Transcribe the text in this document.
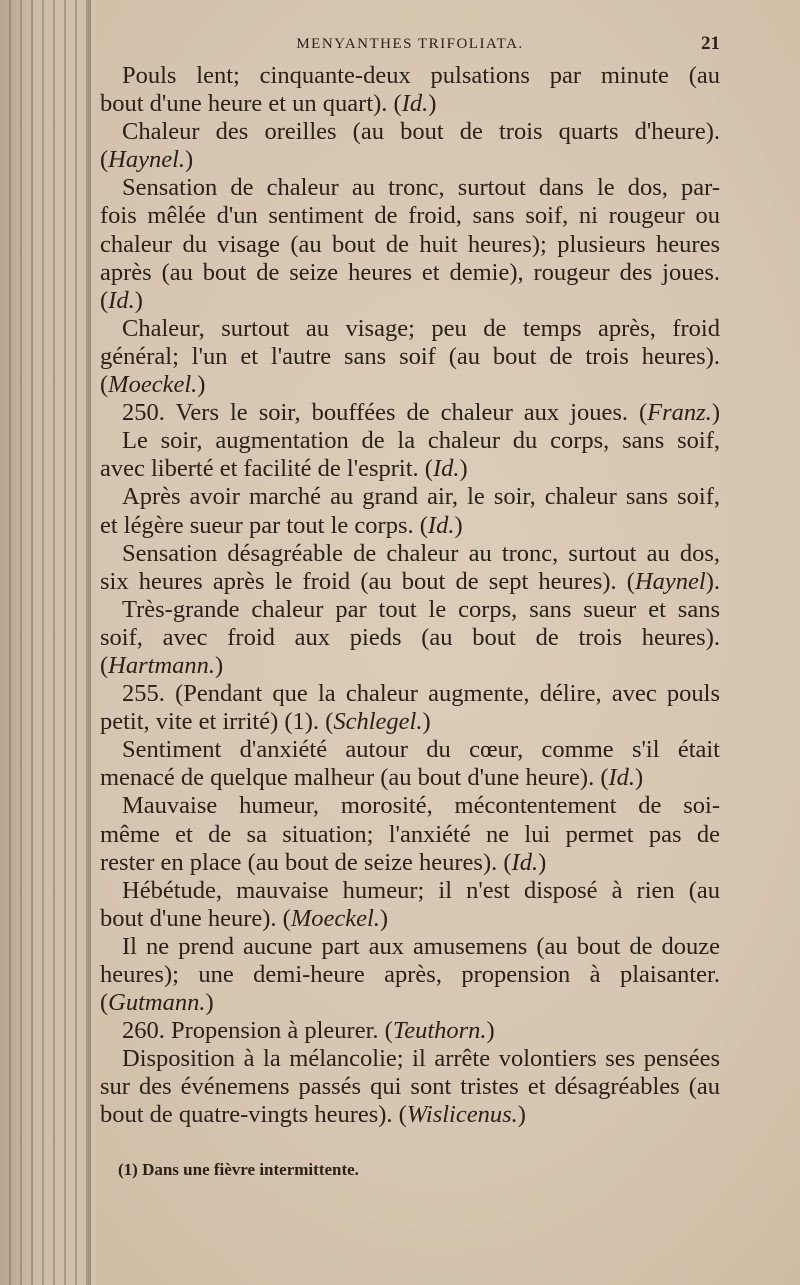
MENYANTHES TRIFOLIATA.	21
Pouls lent; cinquante-deux pulsations par minute (au
bout d'une heure et un quart). (Id.)
Chaleur des oreilles (au bout de trois quarts d'heure).
(Haynel.)
Sensation de chaleur au tronc, surtout dans le dos, par-
fois mêlée d'un sentiment de froid, sans soif, ni rougeur ou
chaleur du visage (au bout de huit heures); plusieurs heures
après (au bout de seize heures et demie), rougeur des joues.
(Id.)
Chaleur, surtout au visage; peu de temps après, froid
général; l'un et l'autre sans soif (au bout de trois heures).
(Moeckel.)
250. Vers le soir, bouffées de chaleur aux joues. (Franz.)
Le soir, augmentation de la chaleur du corps, sans soif,
avec liberté et facilité de l'esprit. (Id.)
Après avoir marché au grand air, le soir, chaleur sans soif,
et légère sueur par tout le corps. (Id.)
Sensation désagréable de chaleur au tronc, surtout au dos,
six heures après le froid (au bout de sept heures). (Haynel).
Très-grande chaleur par tout le corps, sans sueur et sans
soif, avec froid aux pieds (au bout de trois heures).
(Hartmann.)
255. (Pendant que la chaleur augmente, délire, avec pouls
petit, vite et irrité) (1). (Schlegel.)
Sentiment d'anxiété autour du cœur, comme s'il était
menacé de quelque malheur (au bout d'une heure). (Id.)
Mauvaise humeur, morosité, mécontentement de soi-
même et de sa situation; l'anxiété ne lui permet pas de
rester en place (au bout de seize heures). (Id.)
Hébétude, mauvaise humeur; il n'est disposé à rien (au
bout d'une heure). (Moeckel.)
Il ne prend aucune part aux amusemens (au bout de douze
heures); une demi-heure après, propension à plaisanter.
(Gutmann.)
260. Propension à pleurer. (Teuthorn.)
Disposition à la mélancolie; il arrête volontiers ses pensées
sur des événemens passés qui sont tristes et désagréables (au
bout de quatre-vingts heures). (Wislicenus.)
(1) Dans une fièvre intermittente.
